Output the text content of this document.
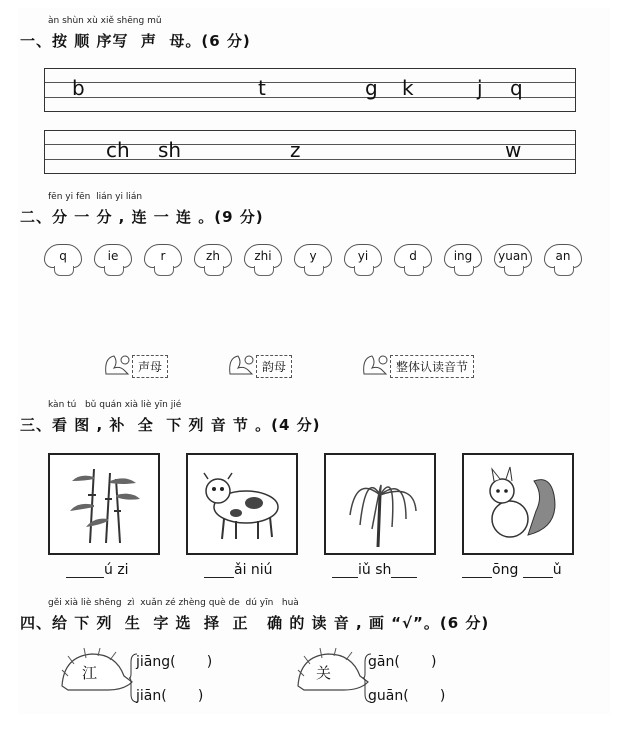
àn shùn xù xiě shēng mǔ
一、按 顺 序写  声  母。(6 分)
b	t	g k	j q
ch sh	z	w
fēn yi fēn  lián yi lián
二、分 一 分 , 连 一 连 。(9 分)
q	ie	r	zh	zhi	y	yi	d	ing	yuan	an
声母	韵母	整体认读音节
kàn tú   bǔ quán xià liè yīn jié
三、看 图 , 补  全  下 列 音 节 。(4 分)
ú zi	ǎi niú	iǔ sh	ōng ǔ
gěi xià liè shēng  zì  xuǎn zé zhèng què de  dú yīn   huà
四、给 下 列  生  字 选  择  正   确 的 读 音 , 画 “√”。(6 分)
江
jiāng(       )
jiān(       )
关
gān(       )
guān(       )
